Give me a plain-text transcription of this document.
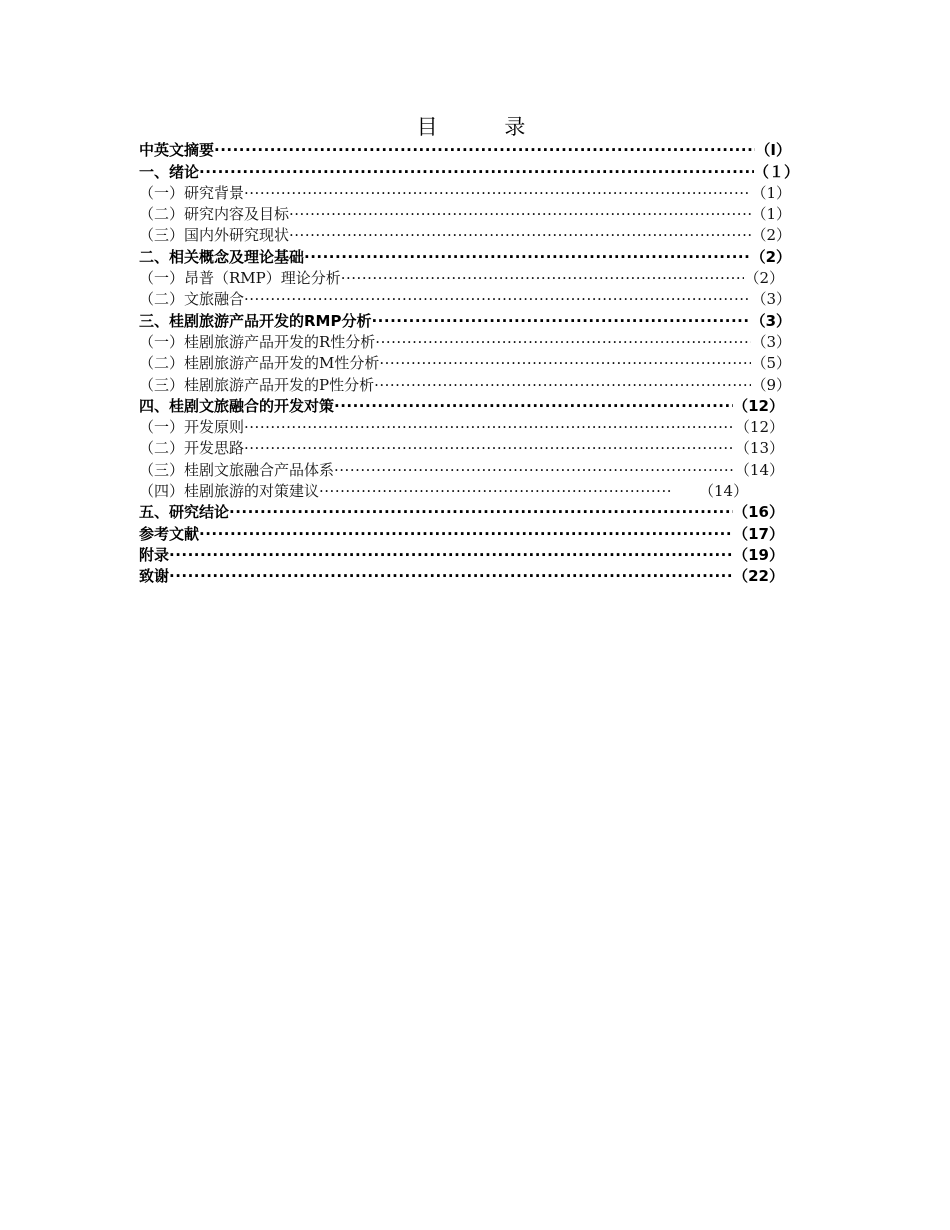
目 录
中英文摘要 ·····	（Ⅰ）
一、绪论 ·····	（１）
（一）研究背景 ·····	（1）
（二）研究内容及目标 ·····	（1）
（三）国内外研究现状 ·····	（2）
二、相关概念及理论基础 ·····	（2）
（一）昂普（RMP）理论分析 ·····	（2）
（二）文旅融合 ·····	（3）
三、桂剧旅游产品开发的RMP分析 ·····	（3）
（一）桂剧旅游产品开发的R性分析 ·····	（3）
（二）桂剧旅游产品开发的M性分析 ·····	（5）
（三）桂剧旅游产品开发的P性分析 ·····	（9）
四、桂剧文旅融合的开发对策 ·····	（12）
（一）开发原则 ·····	（12）
（二）开发思路 ·····	（13）
（三）桂剧文旅融合产品体系 ·····	（14）
（四）桂剧旅游的对策建议 ·····	（14）
五、研究结论 ·····	（16）
参考文献 ·····	（17）
附录 ·····	（19）
致谢 ·····	（22）
